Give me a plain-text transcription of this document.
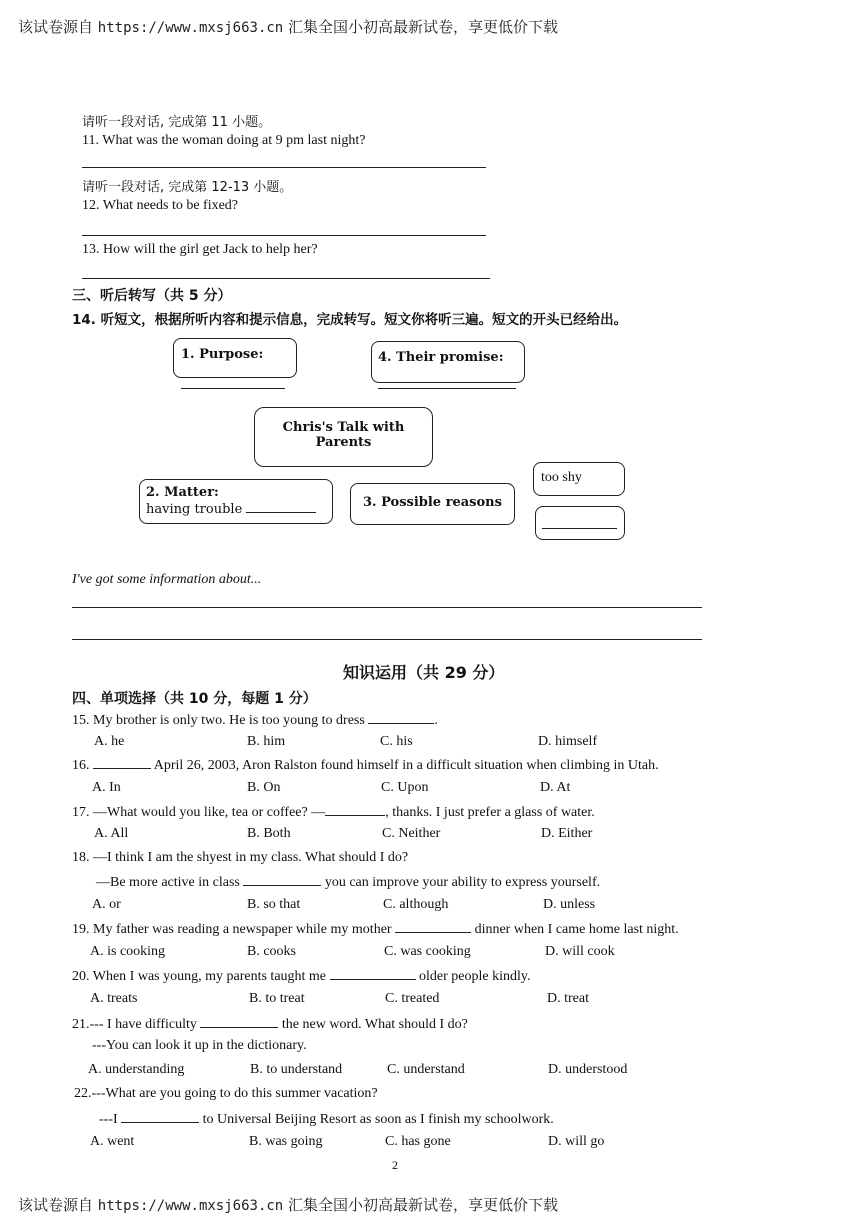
该试卷源自 https://www.mxsj663.cn 汇集全国小初高最新试卷，享更低价下载
请听一段对话, 完成第 11 小题。
11. What was the woman doing at 9 pm last night?
请听一段对话, 完成第 12-13 小题。
12. What needs to be fixed?
13. How will the girl get Jack to help her?
三、听后转写（共 5 分）
14. 听短文，根据所听内容和提示信息，完成转写。短文你将听三遍。短文的开头已经给出。
1. Purpose:	4. Their promise:
Chris's Talk with
Parents
2. Matter:
having trouble	3. Possible reasons
too shy
I've got some information about...
知识运用（共 29 分）
四、单项选择（共 10 分，每题 1 分）
15. My brother is only two. He is too young to dress	.
A. he	B. him	C. his	D. himself
16.	April 26, 2003, Aron Ralston found himself in a difficult situation when climbing in Utah.
A. In	B. On	C. Upon	D. At
17. —What would you like, tea or coffee? —	, thanks. I just prefer a glass of water.
A. All	B. Both	C. Neither	D. Either
18. —I think I am the shyest in my class. What should I do?
—Be more active in class	you can improve your ability to express yourself.
A. or	B. so that	C. although	D. unless
19. My father was reading a newspaper while my mother	dinner when I came home last night.
A. is cooking	B. cooks	C. was cooking	D. will cook
20. When I was young, my parents taught me	older people kindly.
A. treats	B. to treat	C. treated	D. treat
21.--- I have difficulty	the new word. What should I do?
---You can look it up in the dictionary.
A. understanding	B. to understand	C. understand	D. understood
22.---What are you going to do this summer vacation?
---I	to Universal Beijing Resort as soon as I finish my schoolwork.
A. went	B. was going	C. has gone	D. will go
2
该试卷源自 https://www.mxsj663.cn 汇集全国小初高最新试卷，享更低价下载
